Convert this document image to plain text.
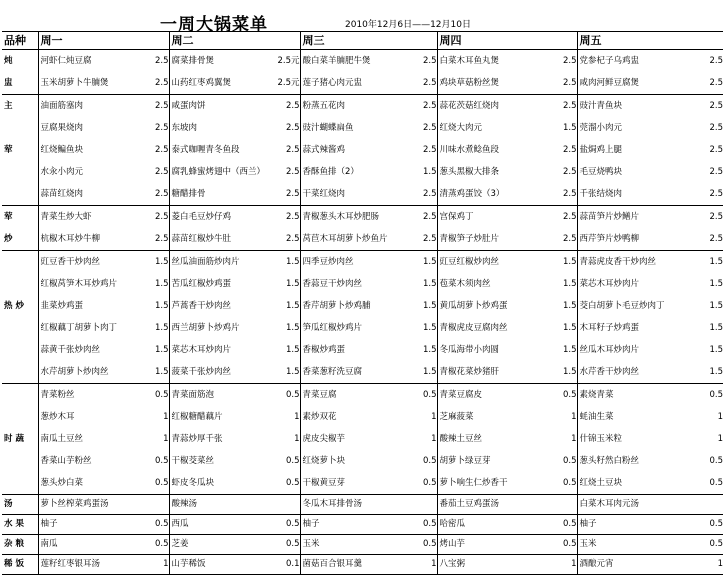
一周大锅菜单	2010年12月6日——12月10日
品种	周一		周二		周三		周四		周五	
炖	河虾仁炖豆腐	2.5	腐菜排骨煲	2.5元	酸白菜羊腩肥牛煲	2.5	白菜木耳鱼丸煲	2.5	党参杞子乌鸡盅	2.5
盅	玉米胡萝卜牛腩煲	2.5	山药红枣鸡翼煲	2.5元	莲子猪心肉元盅	2.5	鸡块草菇粉丝煲	2.5	咸肉河鲜豆腐煲	2.5
主	油面筋塞肉	2.5	咸蛋肉饼	2.5	粉蒸五花肉	2.5	蒜花茨菇红烧肉	2.5	豉汁青鱼块	2.5
	豆腐果烧肉	2.5	东坡肉	2.5	豉汁蝴蝶扁鱼	2.5	红烧大肉元	1.5	莞溜小肉元	2.5
荤	红烧鳊鱼块	2.5	泰式咖喱青冬鱼段	2.5	蒜式辣酱鸡	2.5	川味水煮鲶鱼段	2.5	盐焗鸡上腿	2.5
	水汆小肉元	2.5	腐乳蜂蜜烤翅中（西兰）	2.5	香酥鱼排（2）	1.5	葱头黑椒大排条	2.5	毛豆烧鸭块	2.5
	蒜苗红烧肉	2.5	糖醋排骨	2.5	干菜红烧肉	2.5	清蒸鸡蛋饺（3）	2.5	千张结烧肉	2.5
荤	青菜生炒大虾	2.5	菱白毛豆炒仔鸡	2.5	青椒葱头木耳炒肥肠	2.5	宫保鸡丁	2.5	蒜苗笋片炒鳝片	2.5
炒	杭椒木耳炒牛柳	2.5	蒜苗红椒炒牛肚	2.5	莴苣木耳胡萝卜炒鱼片	2.5	青椒笋子炒肚片	2.5	西芹笋片炒鸭柳	2.5
	豇豆香干炒肉丝	1.5	丝瓜油面筋炒肉片	1.5	四季豆炒肉丝	1.5	豇豆红椒炒肉丝	1.5	青蒜虎皮香干炒肉丝	1.5
	红椒莴笋木耳炒鸡片	1.5	苦瓜红椒炒鸡蛋	1.5	香蒜豆干炒肉丝	1.5	苞菜木须肉丝	1.5	菜芯木耳炒肉片	1.5
热 炒	韭菜炒鸡蛋	1.5	芦蒿香干炒肉丝	1.5	香芹胡萝卜炒鸡脯	1.5	黄瓜胡萝卜炒鸡蛋	1.5	茭白胡萝卜毛豆炒肉丁	1.5
	红椒藕丁胡萝卜肉丁	1.5	西兰胡萝卜炒鸡片	1.5	笋瓜红椒炒鸡片	1.5	青椒虎皮豆腐肉丝	1.5	木耳籽子炒鸡蛋	1.5
	蒜黄千张炒肉丝	1.5	菜芯木耳炒肉片	1.5	香椒炒鸡蛋	1.5	冬瓜海带小肉圆	1.5	丝瓜木耳炒肉片	1.5
	水芹胡萝卜炒肉丝	1.5	菠菜千张炒肉丝	1.5	香菜葱籽洗豆腐	1.5	青椒花菜炒猪肝	1.5	水芹香干炒肉丝	1.5
	青菜粉丝	0.5	青菜面筋泡	0.5	青菜豆腐	0.5	青菜豆腐皮	0.5	素烧青菜	0.5
	葱炒木耳	1	红椒糖醋藕片	1	素炒双花	1	芝麻菠菜	1	蚝油生菜	1
时 蔬	南瓜土豆丝	1	青蒜炒厚千张	1	虎皮尖椒芋	1	酸辣土豆丝	1	什锦玉米粒	1
	香菜山芋粉丝	0.5	干椒茭菜丝	0.5	红烧萝卜块	0.5	胡萝卜绿豆芽	0.5	葱头籽然白粉丝	0.5
	葱头炒白菜	0.5	虾皮冬瓜块	0.5	干椒黄豆芽	0.5	萝卜响生仁炒香干	0.5	红烧土豆块	0.5
汤	萝卜丝榨菜鸡蛋汤		酸辣汤		冬瓜木耳排骨汤		番茄土豆鸡蛋汤		白菜木耳肉元汤	
水 果	柚子	0.5	西瓜	0.5	柚子	0.5	哈密瓜	0.5	柚子	0.5
杂 粮	南瓜	0.5	芝姜	0.5	玉米	0.5	烤山芋	0.5	玉米	0.5
稀 饭	莲籽红枣银耳汤	1	山芋稀饭	0.1	菌菇百合银耳羹	1	八宝粥	1	酒酿元宵	1
